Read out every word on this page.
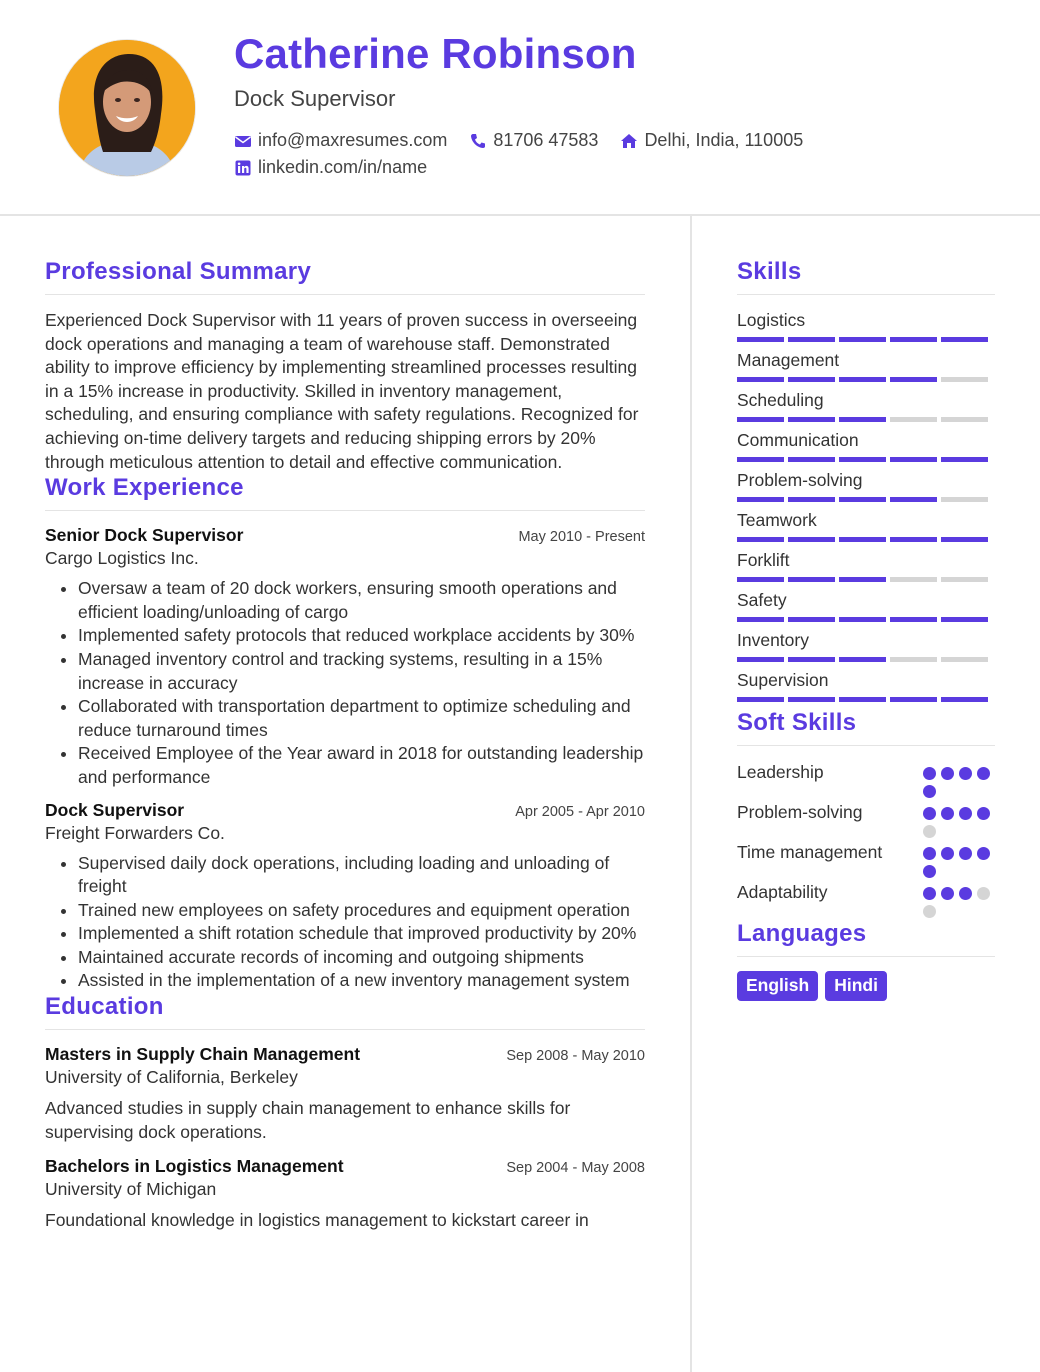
Catherine Robinson
Dock Supervisor
info@maxresumes.com	81706 47583	Delhi, India, 110005
linkedin.com/in/name
Professional Summary
Experienced Dock Supervisor with 11 years of proven success in overseeing dock operations and managing a team of warehouse staff. Demonstrated ability to improve efficiency by implementing streamlined processes resulting in a 15% increase in productivity. Skilled in inventory management, scheduling, and ensuring compliance with safety regulations. Recognized for achieving on-time delivery targets and reducing shipping errors by 20% through meticulous attention to detail and effective communication.
Work Experience
Senior Dock Supervisor	May 2010 - Present
Cargo Logistics Inc.
• Oversaw a team of 20 dock workers, ensuring smooth operations and efficient loading/unloading of cargo
• Implemented safety protocols that reduced workplace accidents by 30%
• Managed inventory control and tracking systems, resulting in a 15% increase in accuracy
• Collaborated with transportation department to optimize scheduling and reduce turnaround times
• Received Employee of the Year award in 2018 for outstanding leadership and performance
Dock Supervisor	Apr 2005 - Apr 2010
Freight Forwarders Co.
• Supervised daily dock operations, including loading and unloading of freight
• Trained new employees on safety procedures and equipment operation
• Implemented a shift rotation schedule that improved productivity by 20%
• Maintained accurate records of incoming and outgoing shipments
• Assisted in the implementation of a new inventory management system
Education
Masters in Supply Chain Management	Sep 2008 - May 2010
University of California, Berkeley
Advanced studies in supply chain management to enhance skills for supervising dock operations.
Bachelors in Logistics Management	Sep 2004 - May 2008
University of Michigan
Foundational knowledge in logistics management to kickstart career in
Skills
Logistics
Management
Scheduling
Communication
Problem-solving
Teamwork
Forklift
Safety
Inventory
Supervision
Soft Skills
Leadership
Problem-solving
Time management
Adaptability
Languages
English	Hindi
